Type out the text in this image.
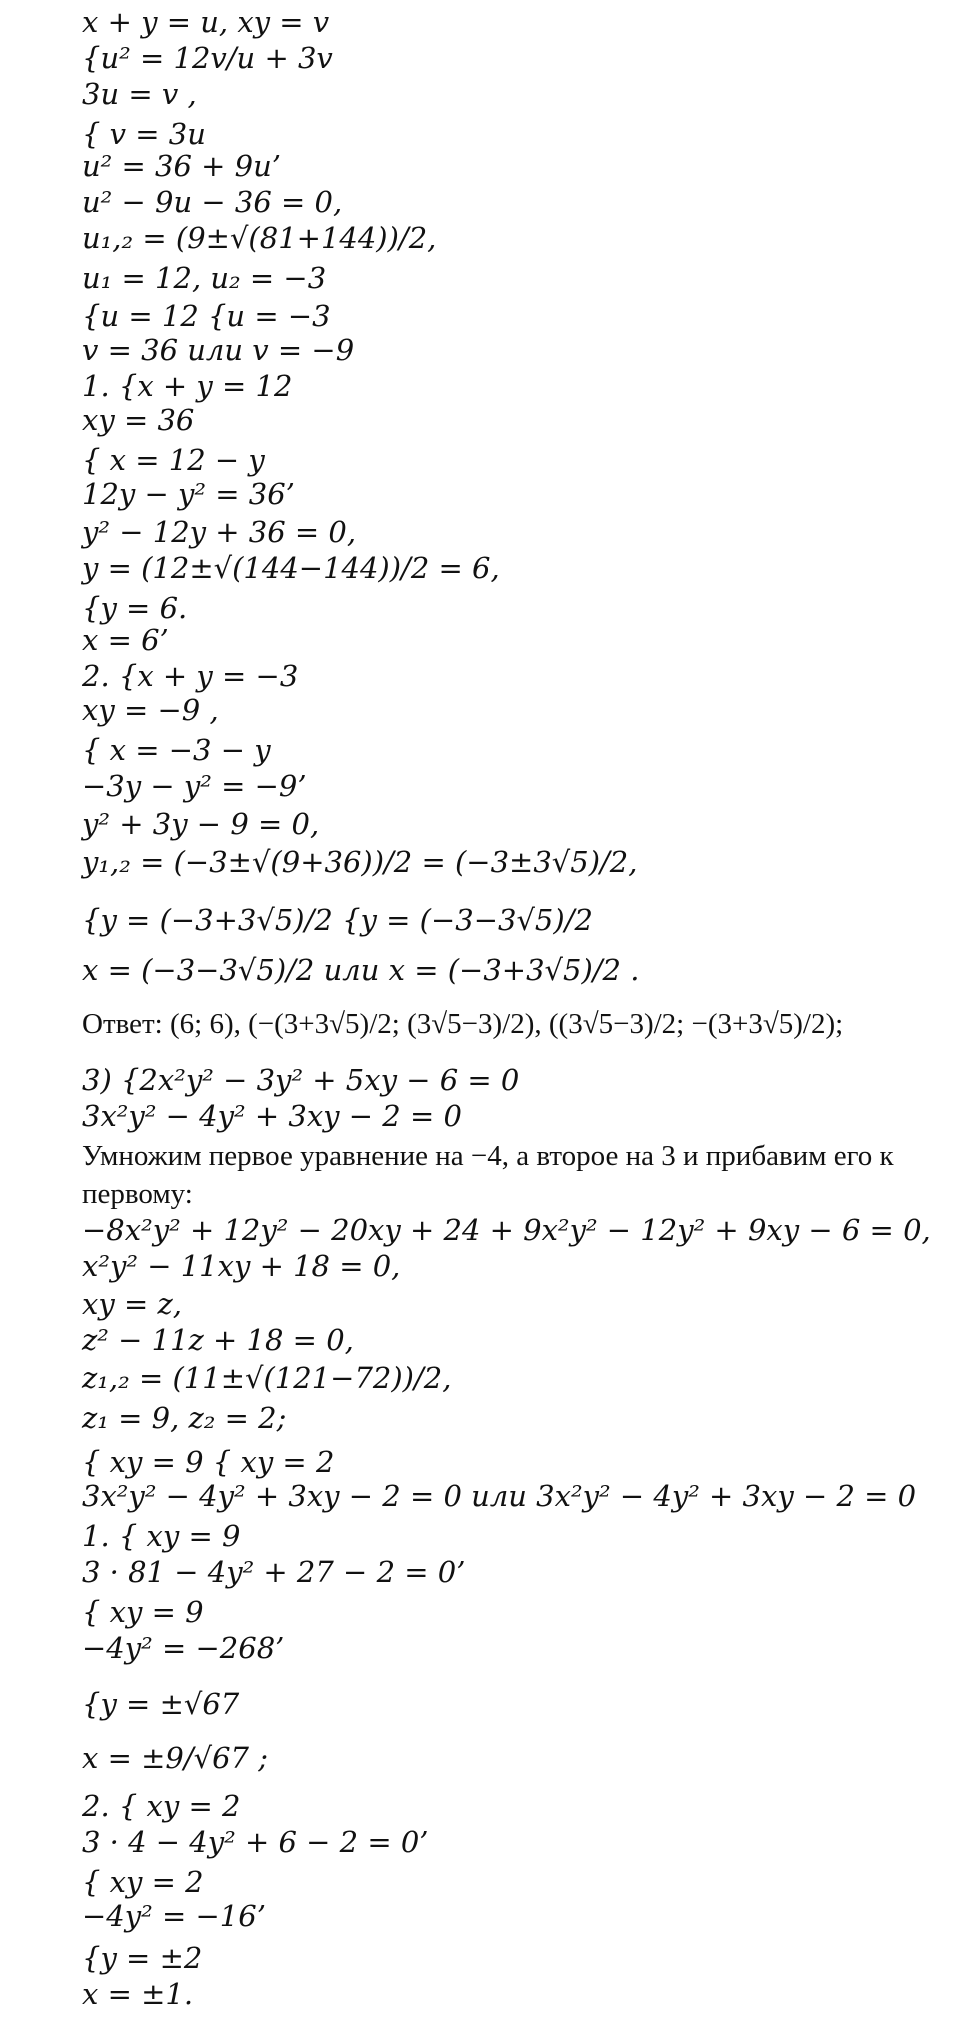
x + y = u, xy = v
{u² = 12v/u + 3v
3u = v ,
{ v = 3u
u² = 36 + 9u’
u² − 9u − 36 = 0,
u₁,₂ = (9±√(81+144))/2,
u₁ = 12, u₂ = −3
{u = 12 {u = −3
v = 36 или v = −9
1. {x + y = 12
xy = 36
{ x = 12 − y
12y − y² = 36’
y² − 12y + 36 = 0,
y = (12±√(144−144))/2 = 6,
{y = 6.
x = 6’
2. {x + y = −3
xy = −9 ,
{ x = −3 − y
−3y − y² = −9’
y² + 3y − 9 = 0,
y₁,₂ = (−3±√(9+36))/2 = (−3±3√5)/2,
{y = (−3+3√5)/2 {y = (−3−3√5)/2
x = (−3−3√5)/2 или x = (−3+3√5)/2 .
Ответ: (6; 6), (−(3+3√5)/2; (3√5−3)/2), ((3√5−3)/2; −(3+3√5)/2);
3) {2x²y² − 3y² + 5xy − 6 = 0
3x²y² − 4y² + 3xy − 2 = 0
Умножим первое уравнение на −4, а второе на 3 и прибавим его к
первому:
−8x²y² + 12y² − 20xy + 24 + 9x²y² − 12y² + 9xy − 6 = 0,
x²y² − 11xy + 18 = 0,
xy = z,
z² − 11z + 18 = 0,
z₁,₂ = (11±√(121−72))/2,
z₁ = 9, z₂ = 2;
{ xy = 9 { xy = 2
3x²y² − 4y² + 3xy − 2 = 0 или 3x²y² − 4y² + 3xy − 2 = 0
1. { xy = 9
3 · 81 − 4y² + 27 − 2 = 0’
{ xy = 9
−4y² = −268’
{y = ±√67
x = ±9/√67 ;
2. { xy = 2
3 · 4 − 4y² + 6 − 2 = 0’
{ xy = 2
−4y² = −16’
{y = ±2
x = ±1.
